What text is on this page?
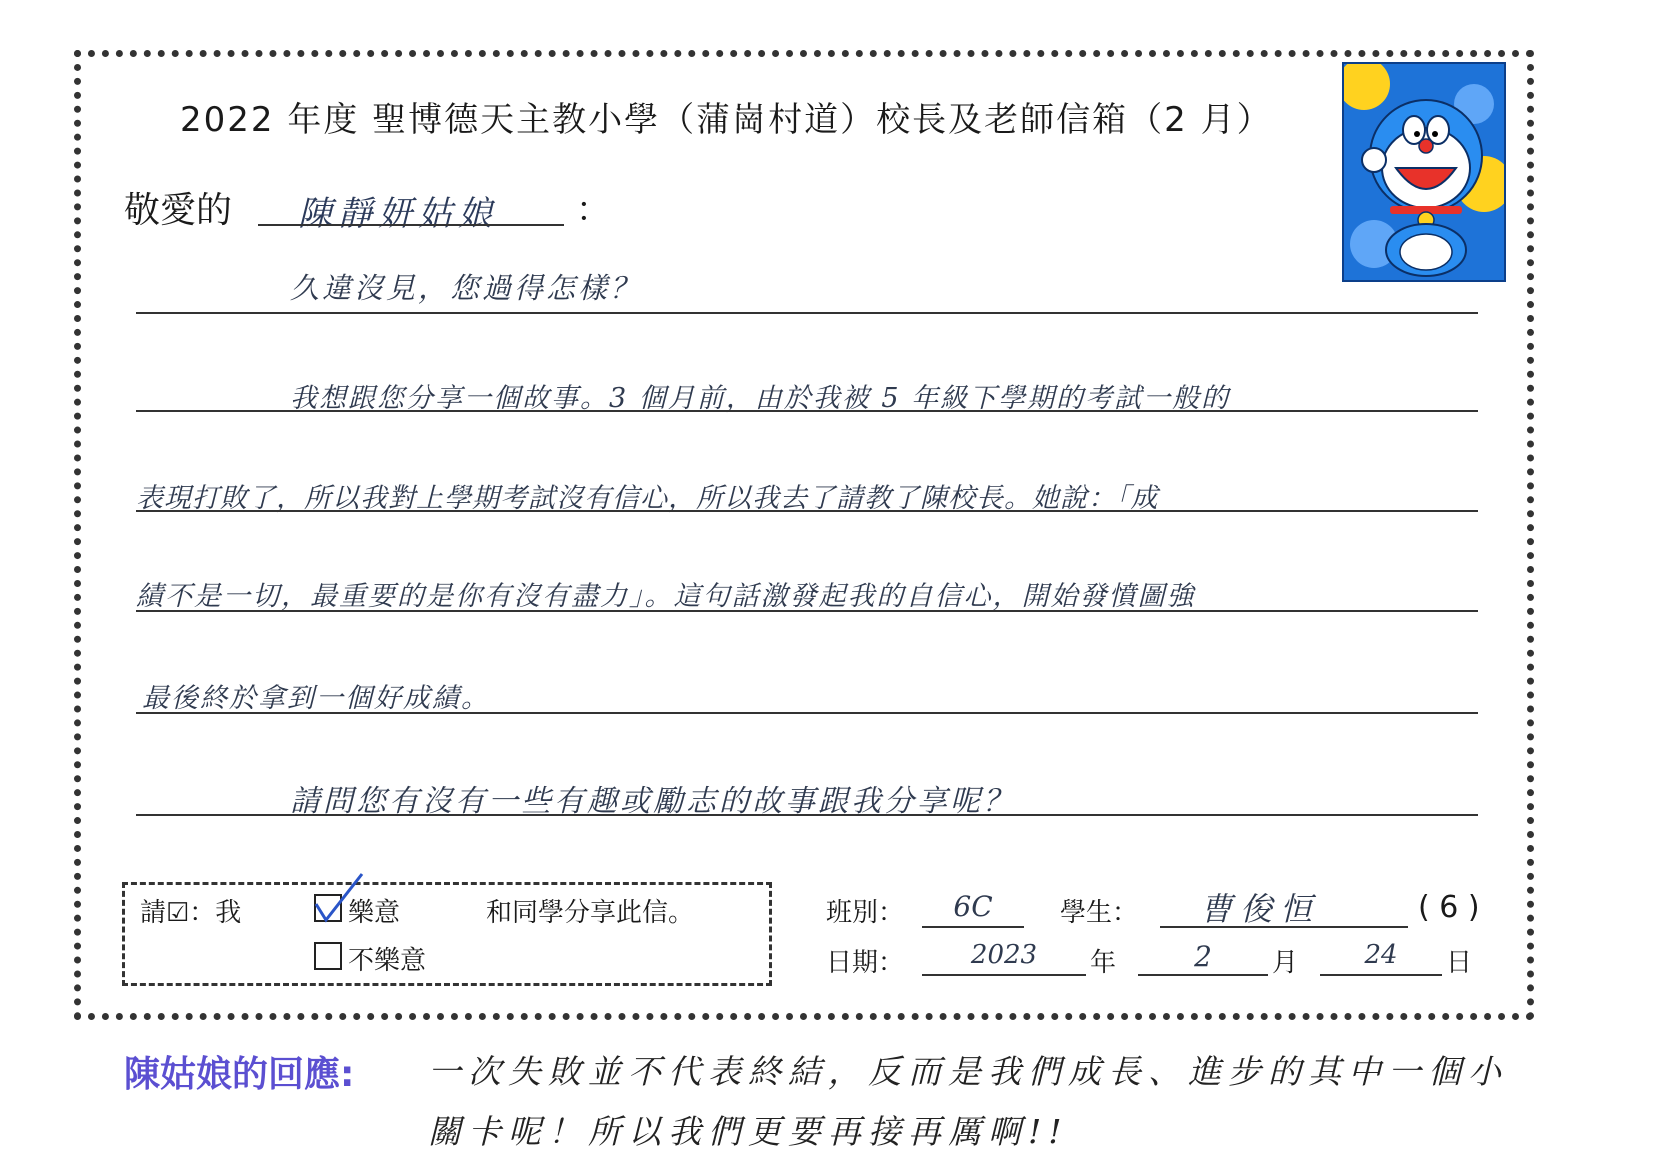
2022 年度 聖博德天主教小學（蒲崗村道）校長及老師信箱（2 月）
敬愛的 陳靜妍姑娘 ：
久違沒見，您過得怎樣？
我想跟您分享一個故事。3 個月前，由於我被 5 年級下學期的考試一般的
表現打敗了，所以我對上學期考試沒有信心，所以我去了請教了陳校長。她說：「成
績不是一切，最重要的是你有沒有盡力」。這句話激發起我的自信心，開始發憤圖強
最後終於拿到一個好成績。
請問您有沒有一些有趣或勵志的故事跟我分享呢？
請☑：我	樂意	和同學分享此信。
不樂意
班別：	6C	學生：	曹俊恒	( 6 )
日期：	2023	年	2	月	24	日
陳姑娘的回應: 一次失敗並不代表終結，反而是我們成長、進步的其中一個小
關卡呢！所以我們更要再接再厲啊!!
